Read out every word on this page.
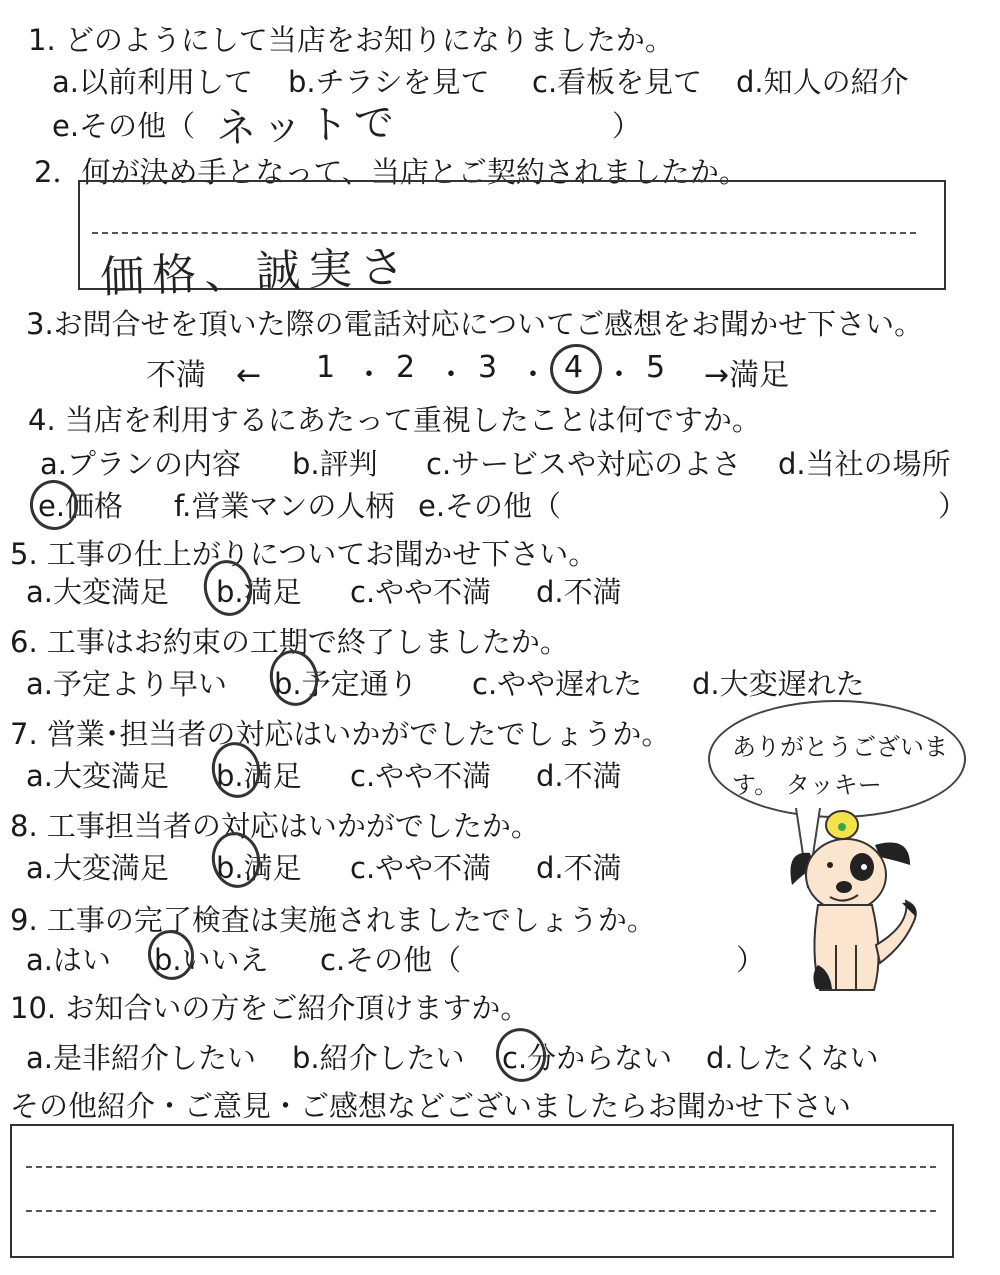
1. どのようにして当店をお知りになりましたか。
a.以前利用して b.チラシを見て c.看板を見て d.知人の紹介
e.その他（	）
ネットで
2．何が決め手となって、当店とご契約されましたか。
価格、誠実さ
3.お問合せを頂いた際の電話対応についてご感想をお聞かせ下さい。
不満　← 1 ・ 2 ・ 3 ・ 4 ・ 5 →満足
4. 当店を利用するにあたって重視したことは何ですか。
a.プランの内容 b.評判 c.サービスや対応のよさ d.当社の場所
e.価格 f.営業マンの人柄 e.その他（	）
5. 工事の仕上がりについてお聞かせ下さい。
a.大変満足 b.満足 c.やや不満 d.不満
6. 工事はお約束の工期で終了しましたか。
a.予定より早い b.予定通り c.やや遅れた d.大変遅れた
7. 営業･担当者の対応はいかがでしたでしょうか。
a.大変満足 b.満足 c.やや不満 d.不満
8. 工事担当者の対応はいかがでしたか。
a.大変満足 b.満足 c.やや不満 d.不満
9. 工事の完了検査は実施されましたでしょうか。
a.はい b.いいえ c.その他（	）
10. お知合いの方をご紹介頂けますか。
a.是非紹介したい b.紹介したい c.分からない d.したくない
その他紹介・ご意見・ご感想などございましたらお聞かせ下さい
ありがとうございます。 タッキー
